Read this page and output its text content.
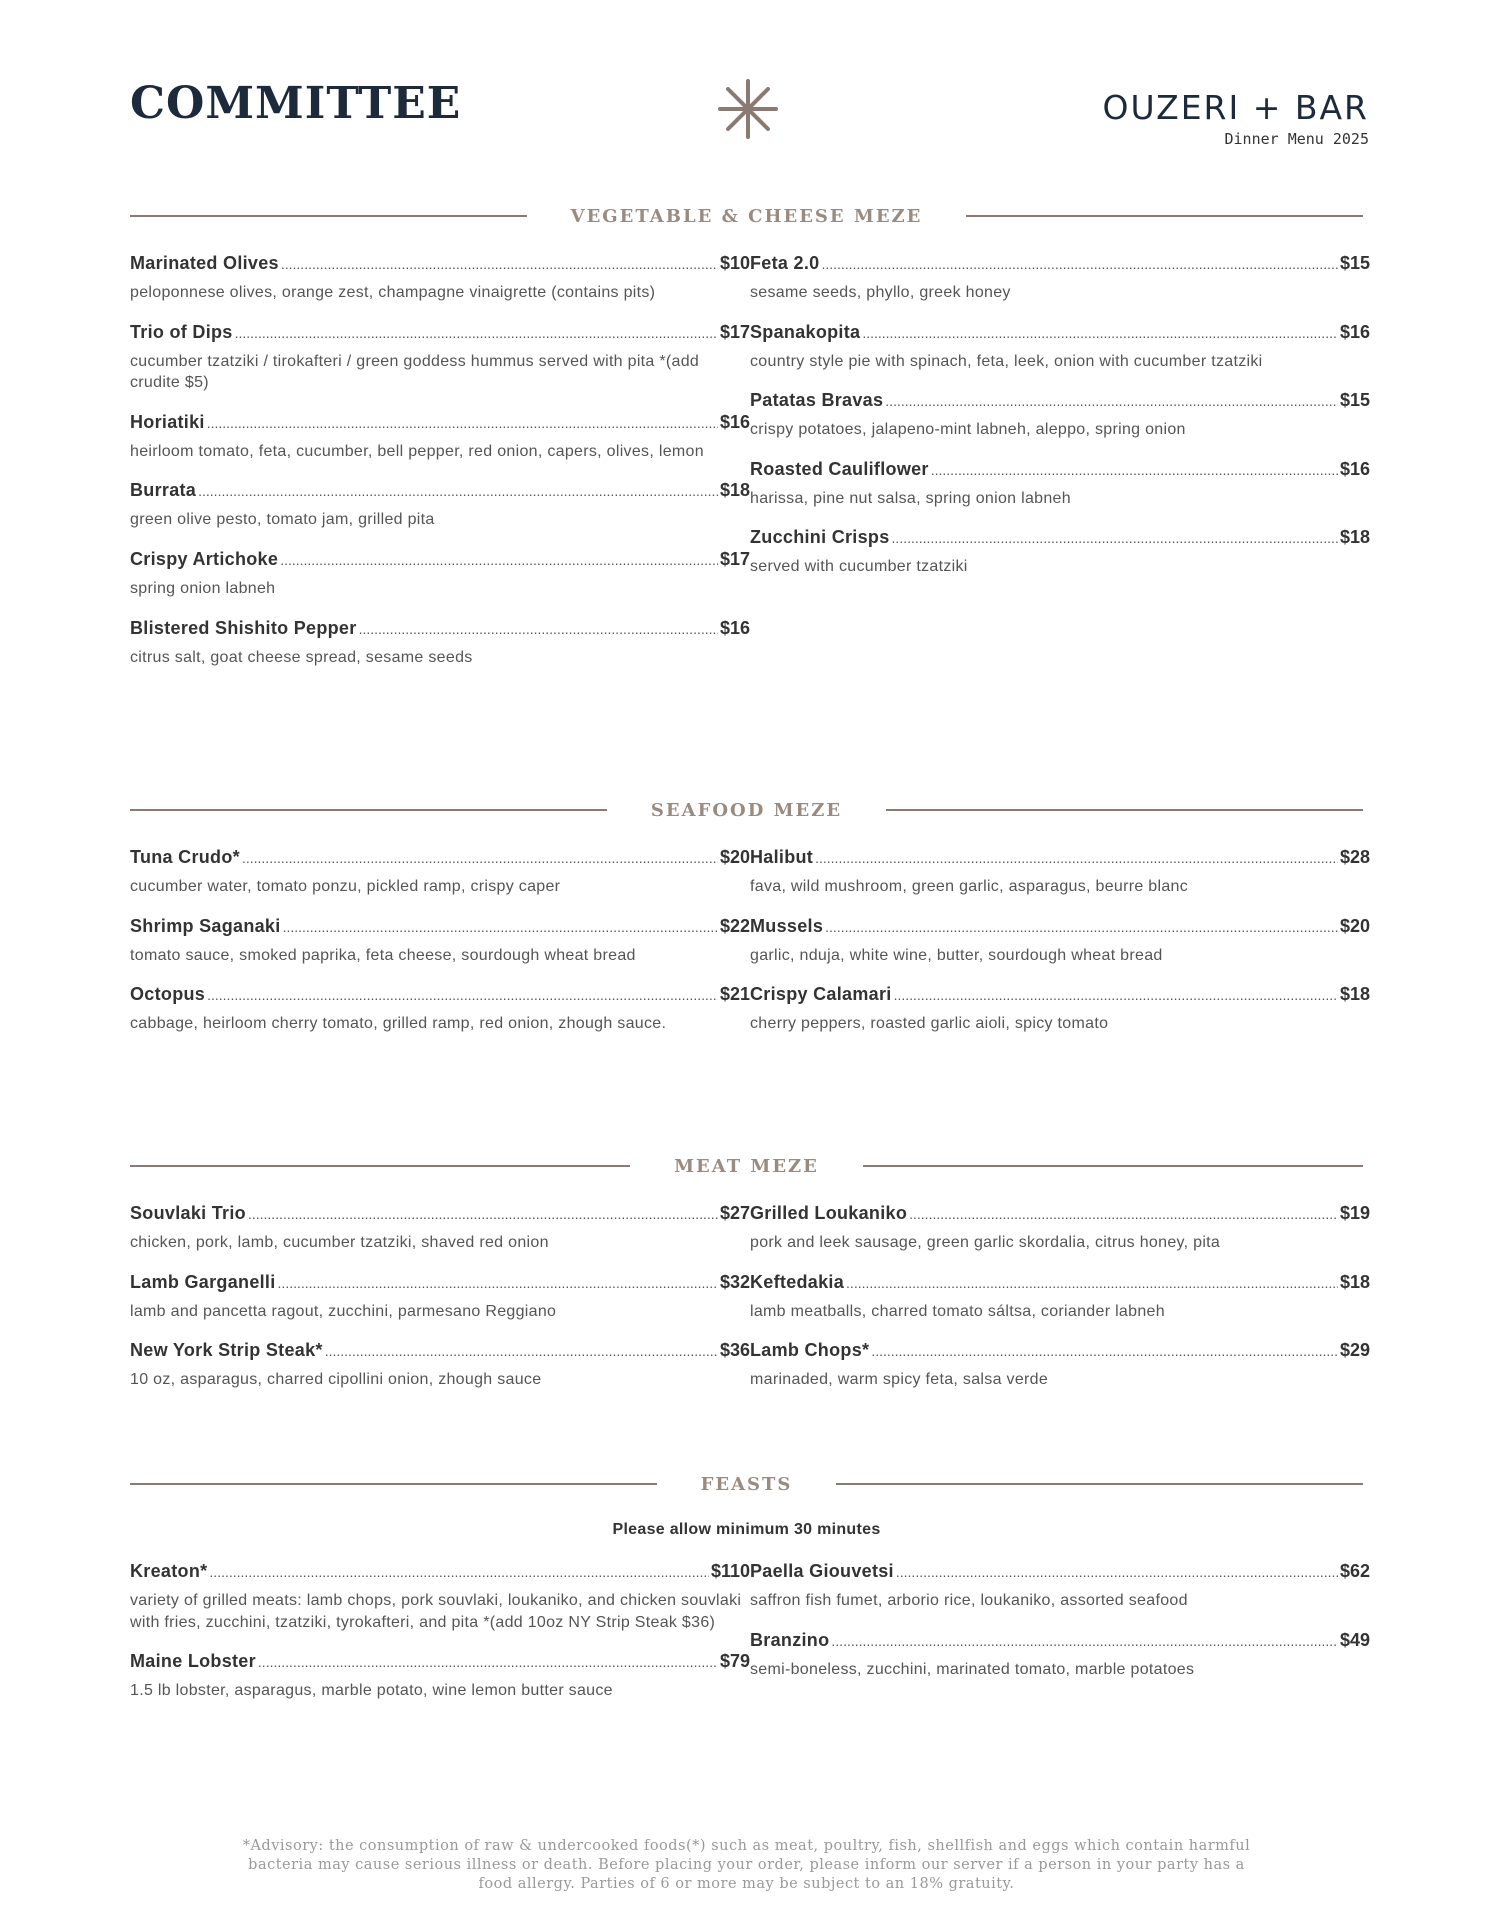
COMMITTEE	OUZERI + BAR
Dinner Menu 2025
VEGETABLE & CHEESE MEZE
Marinated Olives .....	$10
peloponnese olives, orange zest, champagne vinaigrette (contains pits)
Trio of Dips .....	$17
cucumber tzatziki / tirokafteri / green goddess hummus served with pita *(add crudite $5)
Horiatiki .....	$16
heirloom tomato, feta, cucumber, bell pepper, red onion, capers, olives, lemon
Burrata .....	$18
green olive pesto, tomato jam, grilled pita
Crispy Artichoke .....	$17
spring onion labneh
Blistered Shishito Pepper .....	$16
citrus salt, goat cheese spread, sesame seeds
Feta 2.0 .....	$15
sesame seeds, phyllo, greek honey
Spanakopita .....	$16
country style pie with spinach, feta, leek, onion with cucumber tzatziki
Patatas Bravas .....	$15
crispy potatoes, jalapeno-mint labneh, aleppo, spring onion
Roasted Cauliflower .....	$16
harissa, pine nut salsa, spring onion labneh
Zucchini Crisps .....	$18
served with cucumber tzatziki
SEAFOOD MEZE
Tuna Crudo* .....	$20
cucumber water, tomato ponzu, pickled ramp, crispy caper
Shrimp Saganaki .....	$22
tomato sauce, smoked paprika, feta cheese, sourdough wheat bread
Octopus .....	$21
cabbage, heirloom cherry tomato, grilled ramp, red onion, zhough sauce.
Halibut .....	$28
fava, wild mushroom, green garlic, asparagus, beurre blanc
Mussels .....	$20
garlic, nduja, white wine, butter, sourdough wheat bread
Crispy Calamari .....	$18
cherry peppers, roasted garlic aioli, spicy tomato
MEAT MEZE
Souvlaki Trio .....	$27
chicken, pork, lamb, cucumber tzatziki, shaved red onion
Lamb Garganelli .....	$32
lamb and pancetta ragout, zucchini, parmesano Reggiano
New York Strip Steak* .....	$36
10 oz, asparagus, charred cipollini onion, zhough sauce
Grilled Loukaniko .....	$19
pork and leek sausage, green garlic skordalia, citrus honey, pita
Keftedakia .....	$18
lamb meatballs, charred tomato sáltsa, coriander labneh
Lamb Chops* .....	$29
marinaded, warm spicy feta, salsa verde
FEASTS
Please allow minimum 30 minutes
Kreaton* .....	$110
variety of grilled meats: lamb chops, pork souvlaki, loukaniko, and chicken souvlaki with fries, zucchini, tzatziki, tyrokafteri, and pita *(add 10oz NY Strip Steak $36)
Maine Lobster .....	$79
1.5 lb lobster, asparagus, marble potato, wine lemon butter sauce
Paella Giouvetsi .....	$62
saffron fish fumet, arborio rice, loukaniko, assorted seafood
Branzino .....	$49
semi-boneless, zucchini, marinated tomato, marble potatoes
*Advisory: the consumption of raw & undercooked foods(*) such as meat, poultry, fish, shellfish and eggs which contain harmful bacteria may cause serious illness or death. Before placing your order, please inform our server if a person in your party has a food allergy. Parties of 6 or more may be subject to an 18% gratuity.
